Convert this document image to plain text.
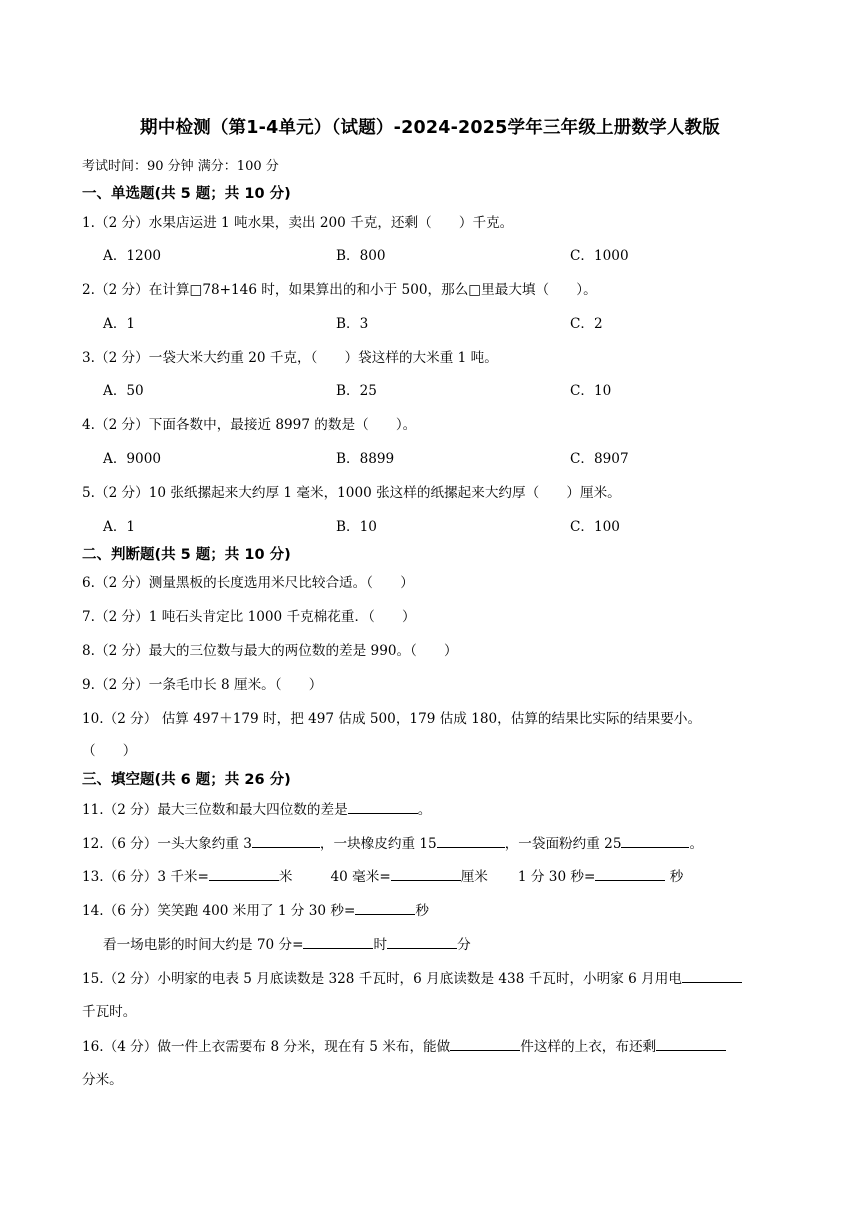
期中检测（第1-4单元）（试题）-2024-2025学年三年级上册数学人教版
考试时间：90 分钟 满分：100 分
一、单选题(共 5 题；共 10 分)
1.（2 分）水果店运进 1 吨水果，卖出 200 千克，还剩（　　）千克。
A．1200	B．800	C．1000
2.（2 分）在计算□78+146 时，如果算出的和小于 500，那么□里最大填（　　）。
A．1	B．3	C．2
3.（2 分）一袋大米大约重 20 千克，（　　）袋这样的大米重 1 吨。
A．50	B．25	C．10
4.（2 分）下面各数中，最接近 8997 的数是（　　）。
A．9000	B．8899	C．8907
5.（2 分）10 张纸摞起来大约厚 1 毫米，1000 张这样的纸摞起来大约厚（　　）厘米。
A．1	B．10	C．100
二、判断题(共 5 题；共 10 分)
6.（2 分）测量黑板的长度选用米尺比较合适。（　　）
7.（2 分）1 吨石头肯定比 1000 千克棉花重．（　　）
8.（2 分）最大的三位数与最大的两位数的差是 990。（　　）
9.（2 分）一条毛巾长 8 厘米。（　　）
10.（2 分） 估算 497＋179 时，把 497 估成 500，179 估成 180，估算的结果比实际的结果要小。
（　　）
三、填空题(共 6 题；共 26 分)
11.（2 分）最大三位数和最大四位数的差是	。
12.（6 分）一头大象约重 3	，一块橡皮约重 15	，一袋面粉约重 25	。
13.（6 分）3 千米=	米	40 毫米=	厘米 1 分 30 秒=	秒
14.（6 分）笑笑跑 400 米用了 1 分 30 秒=	秒
看一场电影的时间大约是 70 分=	时	分
15.（2 分）小明家的电表 5 月底读数是 328 千瓦时，6 月底读数是 438 千瓦时，小明家 6 月用电
千瓦时。
16.（4 分）做一件上衣需要布 8 分米，现在有 5 米布，能做	件这样的上衣，布还剩
分米。
